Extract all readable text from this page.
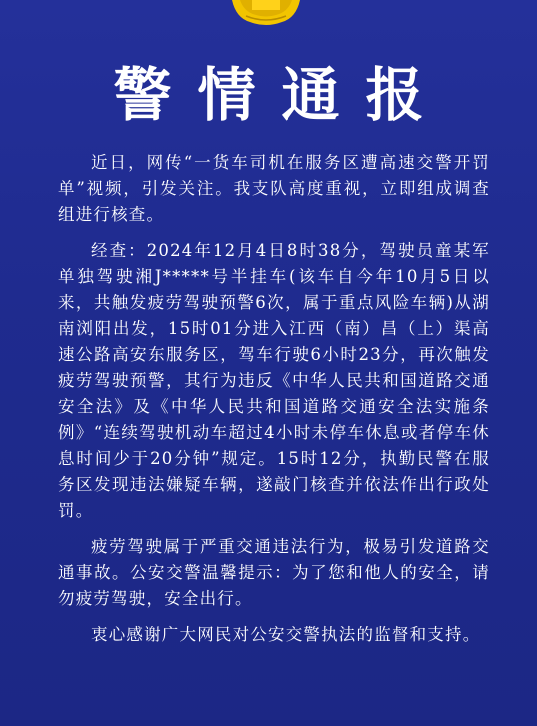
警情通报

近日，网传“一货车司机在服务区遭高速交警开罚单”视频，引发关注。我支队高度重视，立即组成调查组进行核查。

经查：2024年12月4日8时38分，驾驶员童某军单独驾驶湘J*****号半挂车(该车自今年10月5日以来，共触发疲劳驾驶预警6次，属于重点风险车辆)从湖南浏阳出发，15时01分进入江西（南）昌（上）渠高速公路高安东服务区，驾车行驶6小时23分，再次触发疲劳驾驶预警，其行为违反《中华人民共和国道路交通安全法》及《中华人民共和国道路交通安全法实施条例》“连续驾驶机动车超过4小时未停车休息或者停车休息时间少于20分钟”规定。15时12分，执勤民警在服务区发现违法嫌疑车辆，遂敲门核查并依法作出行政处罚。

疲劳驾驶属于严重交通违法行为，极易引发道路交通事故。公安交警温馨提示：为了您和他人的安全，请勿疲劳驾驶，安全出行。

衷心感谢广大网民对公安交警执法的监督和支持。
